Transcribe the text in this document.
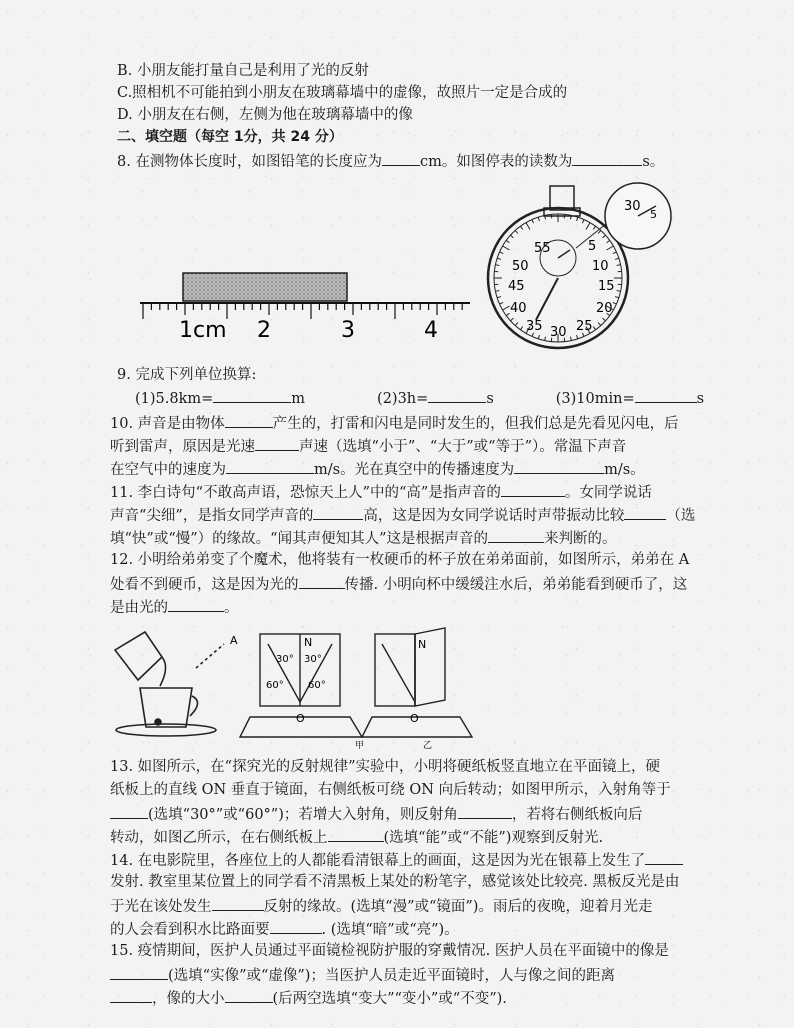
B. 小朋友能打量自己是利用了光的反射
C.照相机不可能拍到小朋友在玻璃幕墙中的虚像，故照片一定是合成的
D. 小朋友在右侧，左侧为他在玻璃幕墙中的像
二、填空题（每空 1分，共 24 分）
8. 在测物体长度时，如图铅笔的长度应为	cm。如图停表的读数为	s。
1cm 2	3	4
55	5
50	10
45	15
40	20
35 30 25
30
5
9. 完成下列单位换算:
(1)5.8km=	m	(2)3h=	s	(3)10min=	s
10. 声音是由物体	产生的，打雷和闪电是同时发生的，但我们总是先看见闪电，后
听到雷声，原因是光速	声速（选填“小于”、“大于”或“等于”）。常温下声音
在空气中的速度为	m/s。光在真空中的传播速度为	m/s。
11. 李白诗句“不敢高声语，恐惊天上人”中的“高”是指声音的	。女同学说话
声音“尖细”，是指女同学声音的	高，这是因为女同学说话时声带振动比较	（选
填“快”或“慢”）的缘故。“闻其声便知其人”这是根据声音的	来判断的。
12. 小明给弟弟变了个魔术，他将装有一枚硬币的杯子放在弟弟面前，如图所示，弟弟在 A
处看不到硬币，这是因为光的	传播. 小明向杯中缓缓注水后，弟弟能看到硬币了，这
是由光的	。
A	N
30° 30°
60° 60°
O
N
O
甲	乙
13. 如图所示，在“探究光的反射规律”实验中，小明将硬纸板竖直地立在平面镜上，硬
纸板上的直线 ON 垂直于镜面，右侧纸板可绕 ON 向后转动；如图甲所示，入射角等于
(选填“30°”或“60°”)；若增大入射角，则反射角	，若将右侧纸板向后
转动，如图乙所示，在右侧纸板上	(选填“能”或“不能”)观察到反射光.
14. 在电影院里，各座位上的人都能看清银幕上的画面，这是因为光在银幕上发生了
发射. 教室里某位置上的同学看不清黑板上某处的粉笔字，感觉该处比较亮. 黑板反光是由
于光在该处发生	反射的缘故。(选填“漫”或“镜面”)。雨后的夜晚，迎着月光走
的人会看到积水比路面要	. (选填“暗”或“亮”)。
15. 疫情期间，医护人员通过平面镜检视防护服的穿戴情况. 医护人员在平面镜中的像是
(选填“实像”或“虚像”)；当医护人员走近平面镜时，人与像之间的距离
，像的大小	(后两空选填“变大”“变小”或“不变”).
